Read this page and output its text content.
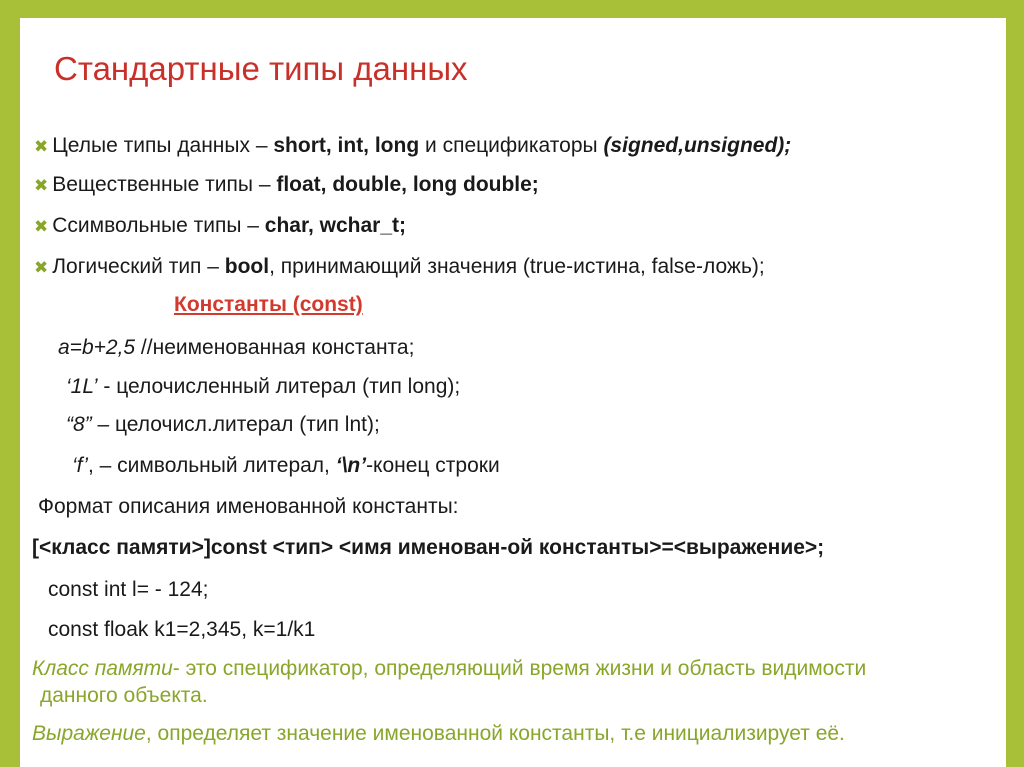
Стандартные типы данных
✖ Целые типы данных – short, int, long и спецификаторы (signed,unsigned);
✖ Вещественные типы – float, double, long double;
✖ Ссимвольные типы – char, wchar_t;
✖ Логический тип – bool, принимающий значения (true-истина, false-ложь);
Константы (const)
a=b+2,5 //неименованная константа;
‘1L’ - целочисленный литерал (тип long);
“8” – целочисл.литерал (тип lnt);
‘f’, – символьный литерал, ‘\n’-конец строки
Формат описания именованной константы:
[<класс памяти>]const <тип> <имя именован-ой константы>=<выражение>;
const int l= - 124;
const floak k1=2,345, k=1/k1
Класс памяти- это спецификатор, определяющий время жизни и область видимости
данного объекта.
Выражение, определяет значение именованной константы, т.е инициализирует её.
